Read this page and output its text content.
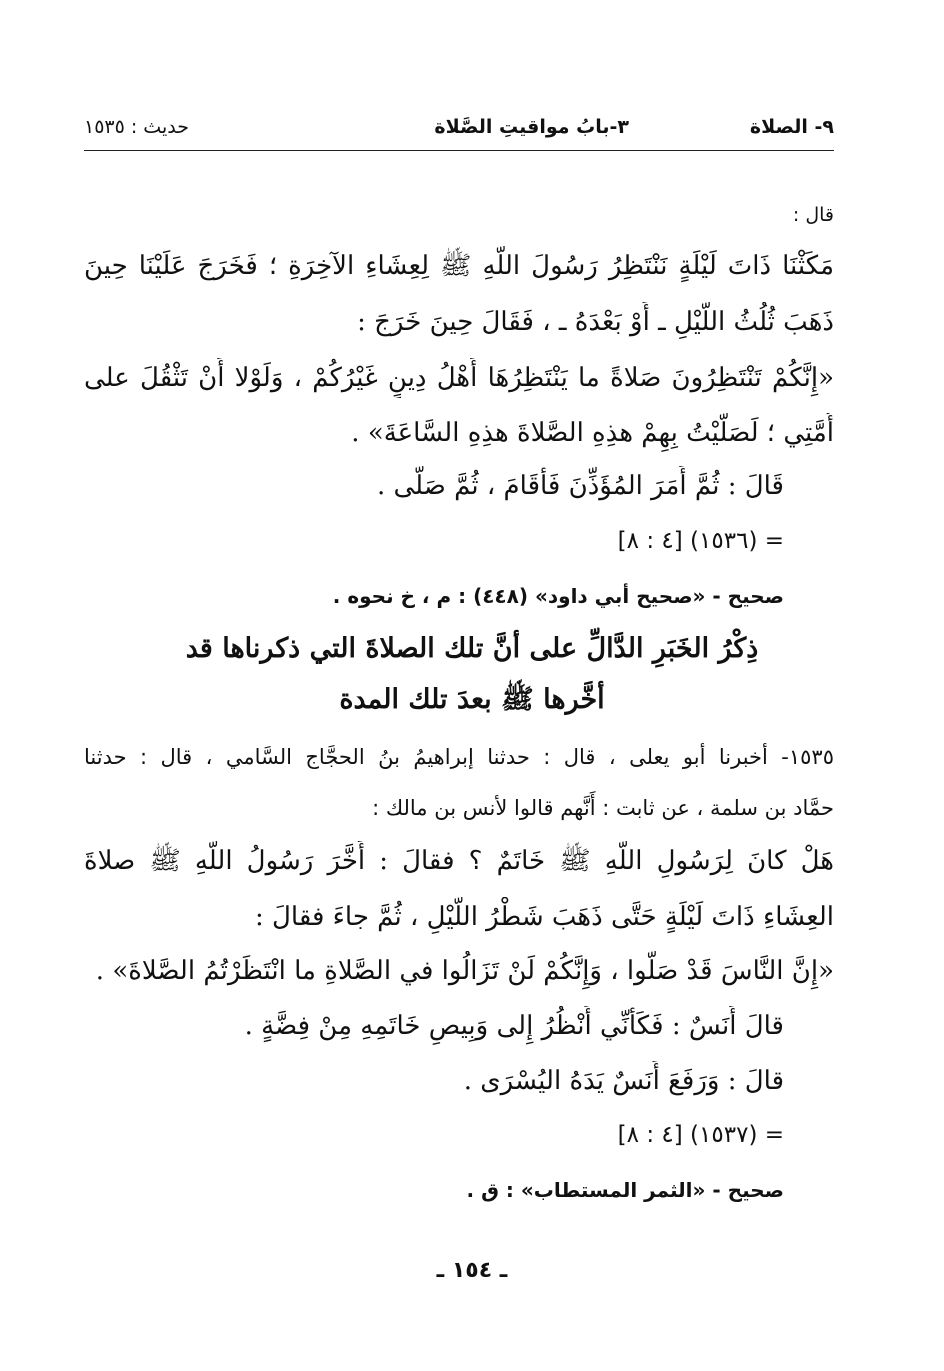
٩- الصلاة
٣-بابُ مواقيتِ الصَّلاة
حديث : ١٥٣٥
قال :
مَكَثْنَا ذَاتَ لَيْلَةٍ نَنْتَظِرُ رَسُولَ اللَّهِ ﷺ لِعِشَاءِ الآخِرَةِ ؛ فَخَرَجَ عَلَيْنَا حِينَ
ذَهَبَ ثُلُثُ اللَّيْلِ ـ أَوْ بَعْدَهُ ـ ، فَقَالَ حِينَ خَرَجَ :
«إِنَّكُمْ تَنْتَظِرُونَ صَلاةً ما يَنْتَظِرُهَا أَهْلُ دِينٍ غَيْرُكُمْ ، وَلَوْلا أَنْ تَثْقُلَ على
أُمَّتِي ؛ لَصَلَّيْتُ بِهِمْ هذِهِ الصَّلاةَ هذِهِ السَّاعَةَ» .
قَالَ : ثُمَّ أَمَرَ المُؤَذِّنَ فَأَقَامَ ، ثُمَّ صَلَّى .
= (١٥٣٦) [٤ : ٨]
صحيح - «صحيح أبي داود» (٤٤٨) : م ، خ نحوه .
ذِكْرُ الخَبَرِ الدَّالِّ على أنَّ تلك الصلاةَ التي ذكرناها قد
أخَّرها ﷺ بعدَ تلك المدة
١٥٣٥- أخبرنا أبو يعلى ، قال : حدثنا إبراهيمُ بنُ الحجَّاج السَّامي ، قال : حدثنا
حمَّاد بن سلمة ، عن ثابت : أَنَّهم قالوا لأنس بن مالك :
هَلْ كانَ لِرَسُولِ اللَّهِ ﷺ خَاتَمٌ ؟ فقالَ : أَخَّرَ رَسُولُ اللَّهِ ﷺ صلاةَ
العِشَاءِ ذَاتَ لَيْلَةٍ حَتَّى ذَهَبَ شَطْرُ اللَّيْلِ ، ثُمَّ جاءَ فقالَ :
«إِنَّ النَّاسَ قَدْ صَلَّوا ، وَإِنَّكُمْ لَنْ تَزَالُوا في الصَّلاةِ ما انْتَظَرْتُمُ الصَّلاةَ» .
قالَ أَنَسٌ : فَكَأَنِّي أَنْظُرُ إِلى وَبِيصِ خَاتَمِهِ مِنْ فِضَّةٍ .
قالَ : وَرَفَعَ أَنَسٌ يَدَهُ اليُسْرَى .
= (١٥٣٧) [٤ : ٨]
صحيح - «الثمر المستطاب» : ق .
ـ ١٥٤ ـ
